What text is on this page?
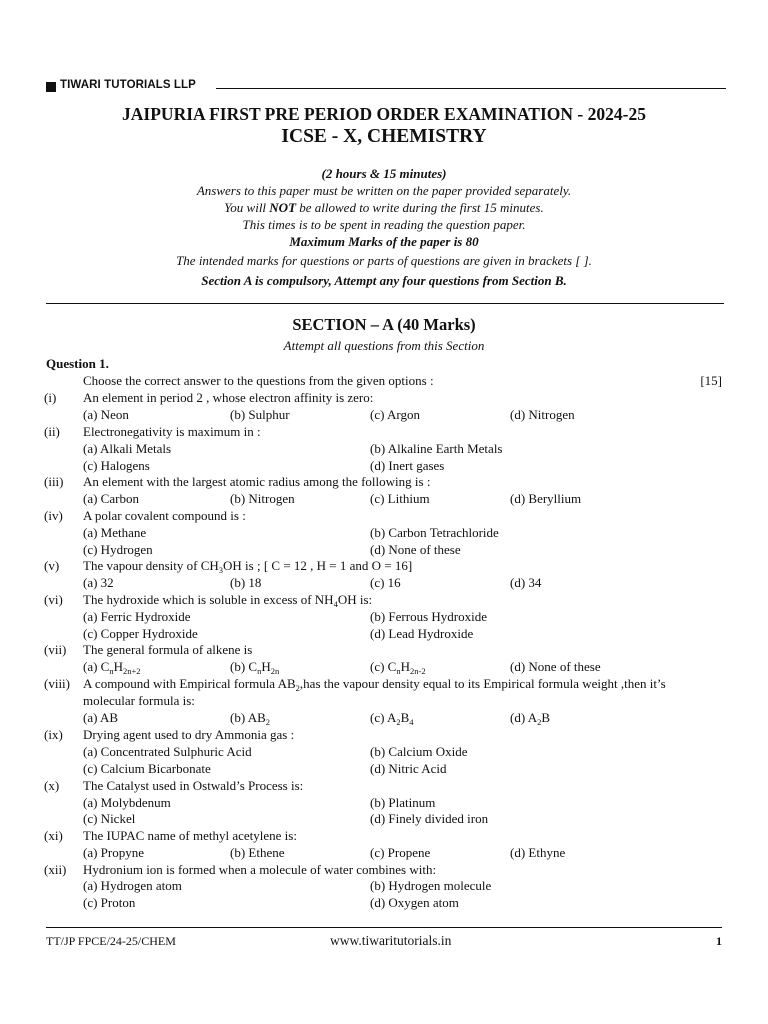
TIWARI TUTORIALS LLP
JAIPURIA FIRST PRE PERIOD ORDER EXAMINATION - 2024-25
ICSE - X, CHEMISTRY
(2 hours & 15 minutes)
Answers to this paper must be written on the paper provided separately.
You will NOT be allowed to write during the first 15 minutes.
This times is to be spent in reading the question paper.
Maximum Marks of the paper is 80
The intended marks for questions or parts of questions are given in brackets [ ].
Section A is compulsory, Attempt any four questions from Section B.
SECTION – A (40 Marks)
Attempt all questions from this Section
Question 1.
Choose the correct answer to the questions from the given options :	[15]
(i) An element in period 2 , whose electron affinity is zero:
(a) Neon	(b) Sulphur	(c) Argon	(d) Nitrogen
(ii) Electronegativity is maximum in :
(a) Alkali Metals	(b) Alkaline Earth Metals
(c) Halogens	(d) Inert gases
(iii) An element with the largest atomic radius among the following is :
(a) Carbon	(b) Nitrogen	(c) Lithium	(d) Beryllium
(iv) A polar covalent compound is :
(a) Methane	(b) Carbon Tetrachloride
(c) Hydrogen	(d) None of these
(v) The vapour density of $CH_3OH$ is ; [ C = 12 , H = 1 and O = 16]
(a) 32	(b) 18	(c) 16	(d) 34
(vi) The hydroxide which is soluble in excess of $NH_4OH$ is:
(a) Ferric Hydroxide	(b) Ferrous Hydroxide
(c) Copper Hydroxide	(d) Lead Hydroxide
(vii) The general formula of alkene is
(a) $C_nH_{2n+2}$	(b) $C_nH_{2n}$	(c) $C_nH_{2n-2}$	(d) None of these
(viii) A compound with Empirical formula $AB_2,has$ the vapour density equal to its Empirical formula weight ,then it’s
molecular formula is:
(a) AB	(b) $AB_2$	(c) $A_2B_4$	(d) $A_2B$
(ix) Drying agent used to dry Ammonia gas :
(a) Concentrated Sulphuric Acid	(b) Calcium Oxide
(c) Calcium Bicarbonate	(d) Nitric Acid
(x) The Catalyst used in Ostwald’s Process is:
(a) Molybdenum	(b) Platinum
(c) Nickel	(d) Finely divided iron
(xi) The IUPAC name of methyl acetylene is:
(a) Propyne	(b) Ethene	(c) Propene	(d) Ethyne
(xii) Hydronium ion is formed when a molecule of water combines with:
(a) Hydrogen atom	(b) Hydrogen molecule
(c) Proton	(d) Oxygen atom
TT/JP FPCE/24-25/CHEM	www.tiwaritutorials.in	1
